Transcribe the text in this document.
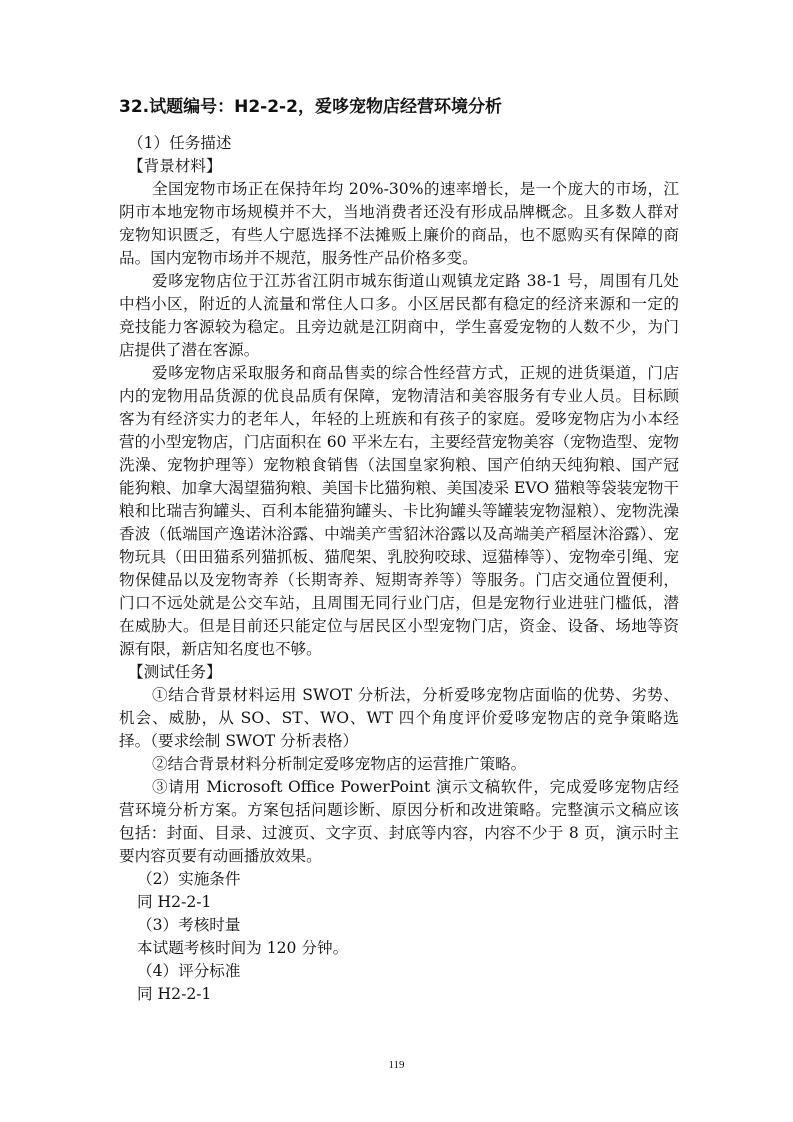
32.试题编号：H2-2-2，爱哆宠物店经营环境分析

（1）任务描述

【背景材料】

全国宠物市场正在保持年均 20%-30%的速率增长，是一个庞大的市场，江阴市本地宠物市场规模并不大，当地消费者还没有形成品牌概念。且多数人群对宠物知识匮乏，有些人宁愿选择不法摊贩上廉价的商品，也不愿购买有保障的商品。国内宠物市场并不规范，服务性产品价格多变。

爱哆宠物店位于江苏省江阴市城东街道山观镇龙定路 38-1 号，周围有几处中档小区，附近的人流量和常住人口多。小区居民都有稳定的经济来源和一定的竞技能力客源较为稳定。且旁边就是江阴商中，学生喜爱宠物的人数不少，为门店提供了潜在客源。

爱哆宠物店采取服务和商品售卖的综合性经营方式，正规的进货渠道，门店内的宠物用品货源的优良品质有保障，宠物清洁和美容服务有专业人员。目标顾客为有经济实力的老年人，年轻的上班族和有孩子的家庭。爱哆宠物店为小本经营的小型宠物店，门店面积在 60 平米左右，主要经营宠物美容（宠物造型、宠物洗澡、宠物护理等）宠物粮食销售（法国皇家狗粮、国产伯纳天纯狗粮、国产冠能狗粮、加拿大渴望猫狗粮、美国卡比猫狗粮、美国凌采 EVO 猫粮等袋装宠物干粮和比瑞吉狗罐头、百利本能猫狗罐头、卡比狗罐头等罐装宠物湿粮）、宠物洗澡香波（低端国产逸诺沐浴露、中端美产雪貂沐浴露以及高端美产稻屋沐浴露）、宠物玩具（田田猫系列猫抓板、猫爬架、乳胶狗咬球、逗猫棒等）、宠物牵引绳、宠物保健品以及宠物寄养（长期寄养、短期寄养等）等服务。门店交通位置便利，门口不远处就是公交车站，且周围无同行业门店，但是宠物行业进驻门槛低，潜在威胁大。但是目前还只能定位与居民区小型宠物门店，资金、设备、场地等资源有限，新店知名度也不够。

【测试任务】

①结合背景材料运用 SWOT 分析法，分析爱哆宠物店面临的优势、劣势、机会、威胁，从 SO、ST、WO、WT 四个角度评价爱哆宠物店的竞争策略选择。（要求绘制 SWOT 分析表格）

②结合背景材料分析制定爱哆宠物店的运营推广策略。

③请用 Microsoft Office PowerPoint 演示文稿软件，完成爱哆宠物店经营环境分析方案。方案包括问题诊断、原因分析和改进策略。完整演示文稿应该包括：封面、目录、过渡页、文字页、封底等内容，内容不少于 8 页，演示时主要内容页要有动画播放效果。

（2）实施条件

同 H2-2-1

（3）考核时量

本试题考核时间为 120 分钟。

（4）评分标准

同 H2-2-1

119
